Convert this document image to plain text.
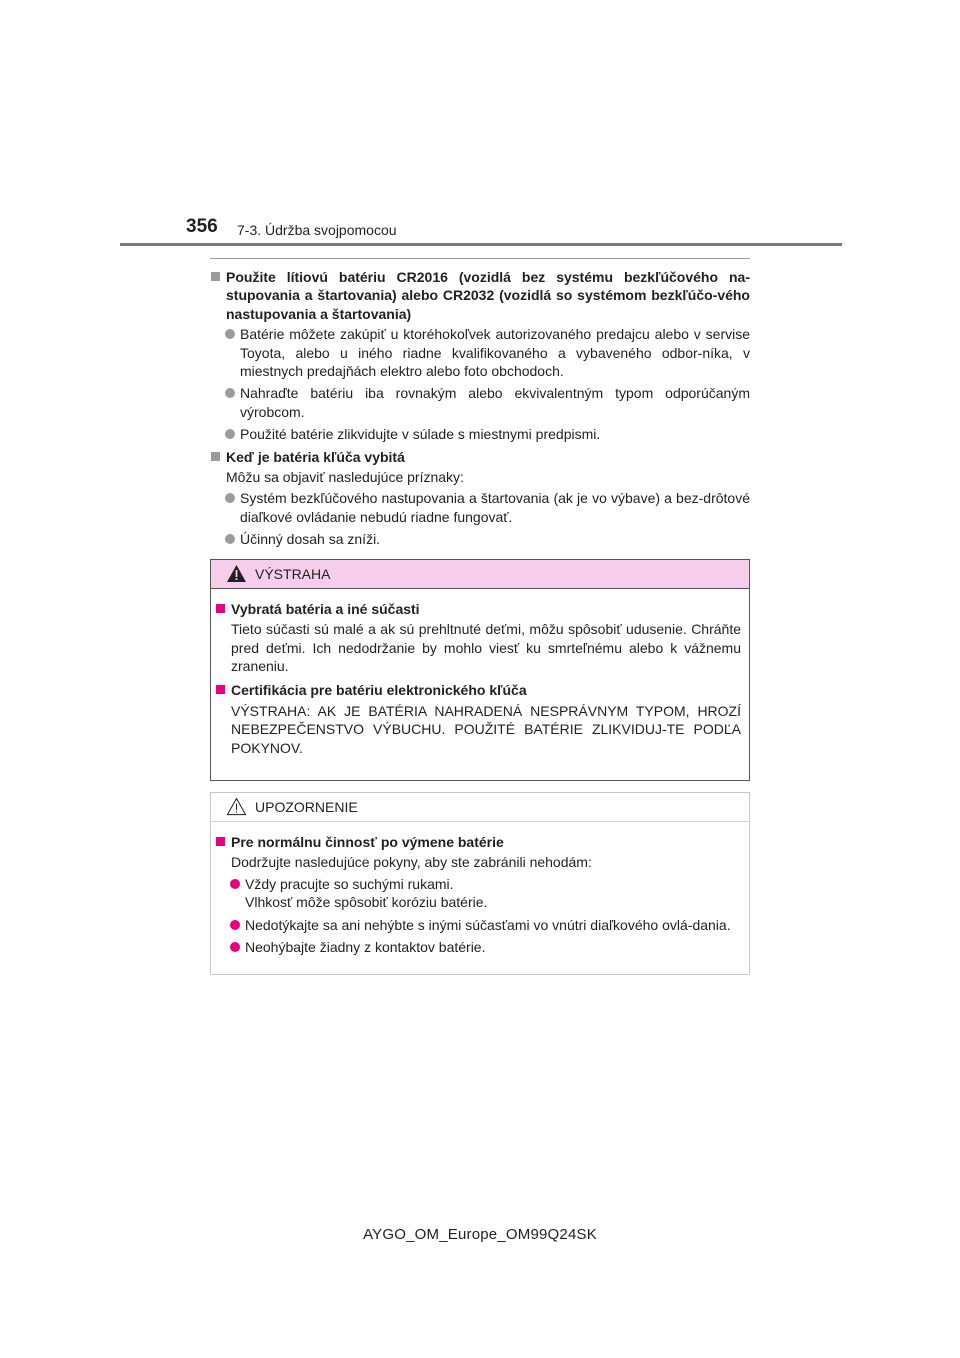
356 7-3. Údržba svojpomocou
Použite lítiovú batériu CR2016 (vozidlá bez systému bezkľúčového na-stupovania a štartovania) alebo CR2032 (vozidlá so systémom bezkľúčo-vého nastupovania a štartovania)
Batérie môžete zakúpiť u ktoréhokoľvek autorizovaného predajcu alebo v servise Toyota, alebo u iného riadne kvalifikovaného a vybaveného odbor-níka, v miestnych predajňách elektro alebo foto obchodoch.
Nahraďte batériu iba rovnakým alebo ekvivalentným typom odporúčaným výrobcom.
Použité batérie zlikvidujte v súlade s miestnymi predpismi.
Keď je batéria kľúča vybitá
Môžu sa objaviť nasledujúce príznaky:
Systém bezkľúčového nastupovania a štartovania (ak je vo výbave) a bez-drôtové diaľkové ovládanie nebudú riadne fungovať.
Účinný dosah sa zníži.
VÝSTRAHA
Vybratá batéria a iné súčasti
Tieto súčasti sú malé a ak sú prehltnuté deťmi, môžu spôsobiť udusenie. Chráňte pred deťmi. Ich nedodržanie by mohlo viesť ku smrteľnému alebo k vážnemu zraneniu.
Certifikácia pre batériu elektronického kľúča
VÝSTRAHA: AK JE BATÉRIA NAHRADENÁ NESPRÁVNYM TYPOM, HROZÍ NEBEZPEČENSTVO VÝBUCHU. POUŽITÉ BATÉRIE ZLIKVIDUJ-TE PODĽA POKYNOV.
UPOZORNENIE
Pre normálnu činnosť po výmene batérie
Dodržujte nasledujúce pokyny, aby ste zabránili nehodám:
Vždy pracujte so suchými rukami.
Vlhkosť môže spôsobiť koróziu batérie.
Nedotýkajte sa ani nehýbte s inými súčasťami vo vnútri diaľkového ovlá-dania.
Neohýbajte žiadny z kontaktov batérie.
AYGO_OM_Europe_OM99Q24SK
